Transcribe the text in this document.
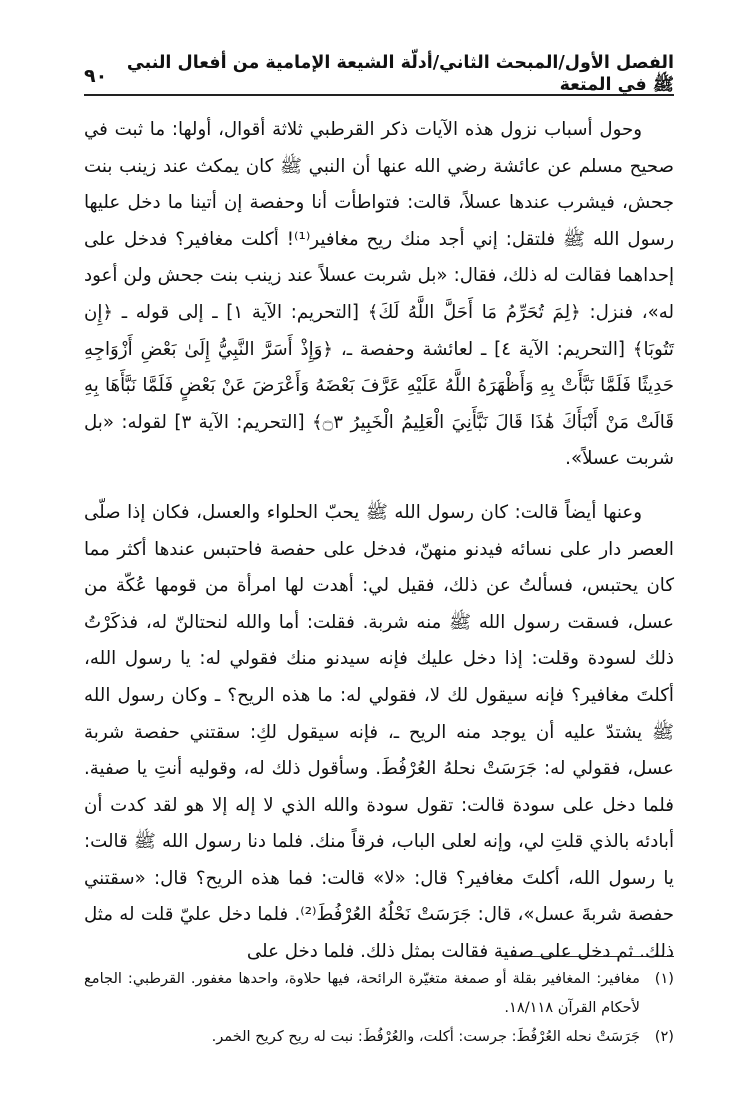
الفصل الأول/المبحث الثاني/أدلّة الشيعة الإمامية من أفعال النبي ﷺ في المتعة
٩٠

وحول أسباب نزول هذه الآيات ذكر القرطبي ثلاثة أقوال، أولها: ما ثبت في صحيح مسلم عن عائشة رضي الله عنها أن النبي ﷺ كان يمكث عند زينب بنت جحش، فيشرب عندها عسلاً، قالت: فتواطأت أنا وحفصة إن أتينا ما دخل عليها رسول الله ﷺ فلتقل: إني أجد منك ريح مغافير⁽¹⁾! أكلت مغافير؟ فدخل على إحداهما فقالت له ذلك، فقال: «بل شربت عسلاً عند زينب بنت جحش ولن أعود له»، فنزل: ﴿لِمَ تُحَرِّمُ مَا أَحَلَّ اللَّهُ لَكَ﴾ [التحريم: الآية ١] ـ إلى قوله ـ ﴿إِن تَتُوبَا﴾ [التحريم: الآية ٤] ـ لعائشة وحفصة ـ، ﴿وَإِذْ أَسَرَّ النَّبِيُّ إِلَىٰ بَعْضِ أَزْوَاجِهِ حَدِيثًا فَلَمَّا نَبَّأَتْ بِهِ وَأَظْهَرَهُ اللَّهُ عَلَيْهِ عَرَّفَ بَعْضَهُ وَأَعْرَضَ عَنْ بَعْضٍ فَلَمَّا نَبَّأَهَا بِهِ قَالَتْ مَنْ أَنْبَأَكَ هَٰذَا قَالَ نَبَّأَنِيَ الْعَلِيمُ الْخَبِيرُ ۝٣﴾ [التحريم: الآية ٣] لقوله: «بل شربت عسلاً».

وعنها أيضاً قالت: كان رسول الله ﷺ يحبّ الحلواء والعسل، فكان إذا صلّى العصر دار على نسائه فيدنو منهنّ، فدخل على حفصة فاحتبس عندها أكثر مما كان يحتبس، فسألتُ عن ذلك، فقيل لي: أهدت لها امرأة من قومها عُكّة من عسل، فسقت رسول الله ﷺ منه شربة. فقلت: أما والله لنحتالنّ له، فذكَرْتُ ذلك لسودة وقلت: إذا دخل عليك فإنه سيدنو منك فقولي له: يا رسول الله، أكلتَ مغافير؟ فإنه سيقول لك لا، فقولي له: ما هذه الريح؟ ـ وكان رسول الله ﷺ يشتدّ عليه أن يوجد منه الريح ـ، فإنه سيقول لكِ: سقتني حفصة شربة عسل، فقولي له: جَرَسَتْ نحلهُ العُرْفُطَ. وسأقول ذلك له، وقوليه أنتِ يا صفية. فلما دخل على سودة قالت: تقول سودة والله الذي لا إله إلا هو لقد كدت أن أبادئه بالذي قلتِ لي، وإنه لعلى الباب، فرقاً منك. فلما دنا رسول الله ﷺ قالت: يا رسول الله، أكلتَ مغافير؟ قال: «لا» قالت: فما هذه الريح؟ قال: «سقتني حفصة شربةَ عسل»، قال: جَرَسَتْ نَحْلُهُ العُرْفُطَ⁽²⁾. فلما دخل عليّ قلت له مثل ذلك. ثم دخل على صفية فقالت بمثل ذلك. فلما دخل على

(١)
مغافير: المغافير بقلة أو صمغة متغيّرة الرائحة، فيها حلاوة، واحدها مغفور. القرطبي: الجامع لأحكام القرآن ١٨/١١٨.

(٢)
جَرَسَتْ نحله العُرْفُطَ: جرست: أكلت، والعُرْفُطَ: نبت له ريح كريح الخمر.
